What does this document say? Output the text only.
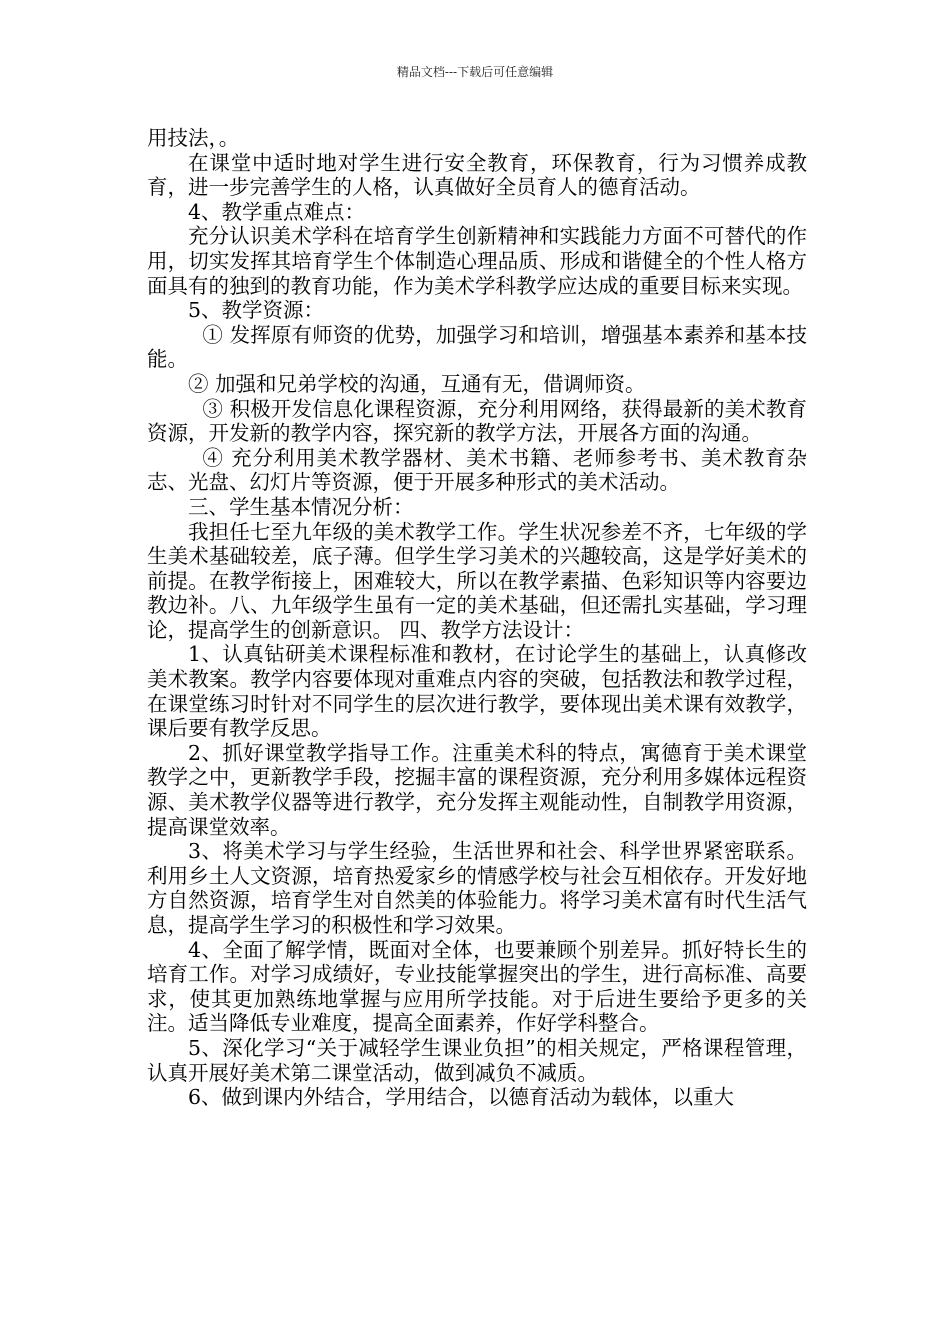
精品文档---下载后可任意编辑

用技法，。

在课堂中适时地对学生进行安全教育，环保教育，行为习惯养成教育，进一步完善学生的人格，认真做好全员育人的德育活动。

4、教学重点难点：

充分认识美术学科在培育学生创新精神和实践能力方面不可替代的作用，切实发挥其培育学生个体制造心理品质、形成和谐健全的个性人格方面具有的独到的教育功能，作为美术学科教学应达成的重要目标来实现。

5、教学资源：

① 发挥原有师资的优势，加强学习和培训，增强基本素养和基本技能。

② 加强和兄弟学校的沟通，互通有无，借调师资。

③ 积极开发信息化课程资源，充分利用网络，获得最新的美术教育资源，开发新的教学内容，探究新的教学方法，开展各方面的沟通。

④ 充分利用美术教学器材、美术书籍、老师参考书、美术教育杂志、光盘、幻灯片等资源，便于开展多种形式的美术活动。

三、学生基本情况分析：

我担任七至九年级的美术教学工作。学生状况参差不齐，七年级的学生美术基础较差，底子薄。但学生学习美术的兴趣较高，这是学好美术的前提。在教学衔接上，困难较大，所以在教学素描、色彩知识等内容要边教边补。八、九年级学生虽有一定的美术基础，但还需扎实基础，学习理论，提高学生的创新意识。 四、教学方法设计：

1、认真钻研美术课程标准和教材，在讨论学生的基础上，认真修改美术教案。教学内容要体现对重难点内容的突破，包括教法和教学过程，在课堂练习时针对不同学生的层次进行教学，要体现出美术课有效教学，课后要有教学反思。

2、抓好课堂教学指导工作。注重美术科的特点，寓德育于美术课堂教学之中，更新教学手段，挖掘丰富的课程资源，充分利用多媒体远程资源、美术教学仪器等进行教学，充分发挥主观能动性，自制教学用资源，提高课堂效率。

3、将美术学习与学生经验，生活世界和社会、科学世界紧密联系。利用乡土人文资源，培育热爱家乡的情感学校与社会互相依存。开发好地方自然资源，培育学生对自然美的体验能力。将学习美术富有时代生活气息，提高学生学习的积极性和学习效果。

4、全面了解学情，既面对全体，也要兼顾个别差异。抓好特长生的培育工作。对学习成绩好，专业技能掌握突出的学生，进行高标准、高要求，使其更加熟练地掌握与应用所学技能。对于后进生要给予更多的关注。适当降低专业难度，提高全面素养，作好学科整合。

5、深化学习“关于减轻学生课业负担”的相关规定，严格课程管理，认真开展好美术第二课堂活动，做到减负不减质。

6、做到课内外结合，学用结合，以德育活动为载体，以重大
